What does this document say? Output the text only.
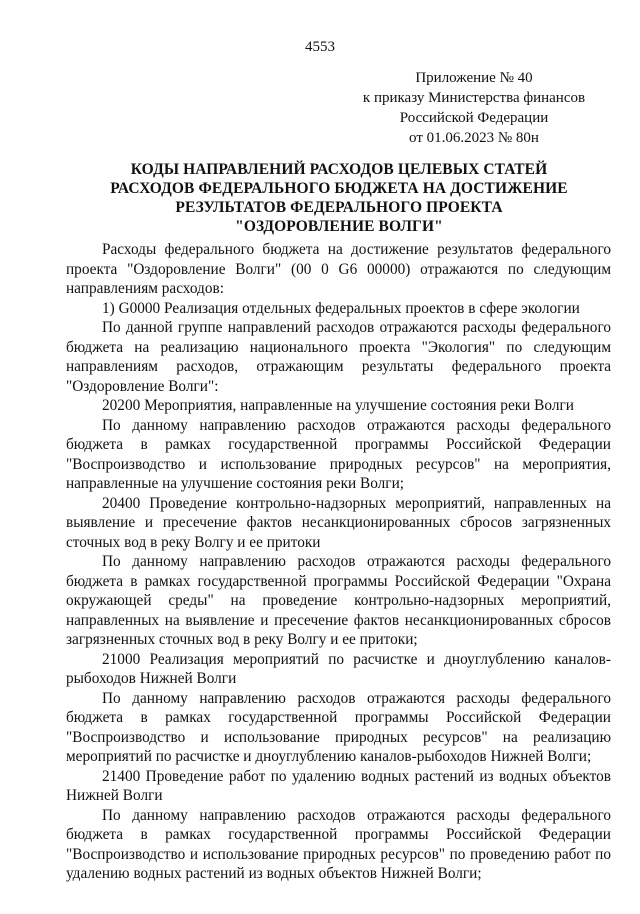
4553
Приложение № 40
к приказу Министерства финансов
Российской Федерации
от 01.06.2023 № 80н
КОДЫ НАПРАВЛЕНИЙ РАСХОДОВ ЦЕЛЕВЫХ СТАТЕЙ
РАСХОДОВ ФЕДЕРАЛЬНОГО БЮДЖЕТА НА ДОСТИЖЕНИЕ
РЕЗУЛЬТАТОВ ФЕДЕРАЛЬНОГО ПРОЕКТА
"ОЗДОРОВЛЕНИЕ ВОЛГИ"

Расходы федерального бюджета на достижение результатов федерального проекта "Оздоровление Волги" (00 0 G6 00000) отражаются по следующим направлениям расходов:

1) G0000 Реализация отдельных федеральных проектов в сфере экологии

По данной группе направлений расходов отражаются расходы федерального бюджета на реализацию национального проекта "Экология" по следующим направлениям расходов, отражающим результаты федерального проекта "Оздоровление Волги":

20200 Мероприятия, направленные на улучшение состояния реки Волги

По данному направлению расходов отражаются расходы федерального бюджета в рамках государственной программы Российской Федерации "Воспроизводство и использование природных ресурсов" на мероприятия, направленные на улучшение состояния реки Волги;

20400 Проведение контрольно-надзорных мероприятий, направленных на выявление и пресечение фактов несанкционированных сбросов загрязненных сточных вод в реку Волгу и ее притоки

По данному направлению расходов отражаются расходы федерального бюджета в рамках государственной программы Российской Федерации "Охрана окружающей среды" на проведение контрольно-надзорных мероприятий, направленных на выявление и пресечение фактов несанкционированных сбросов загрязненных сточных вод в реку Волгу и ее притоки;

21000 Реализация мероприятий по расчистке и дноуглублению каналов-рыбоходов Нижней Волги

По данному направлению расходов отражаются расходы федерального бюджета в рамках государственной программы Российской Федерации "Воспроизводство и использование природных ресурсов" на реализацию мероприятий по расчистке и дноуглублению каналов-рыбоходов Нижней Волги;

21400 Проведение работ по удалению водных растений из водных объектов Нижней Волги

По данному направлению расходов отражаются расходы федерального бюджета в рамках государственной программы Российской Федерации "Воспроизводство и использование природных ресурсов" по проведению работ по удалению водных растений из водных объектов Нижней Волги;
